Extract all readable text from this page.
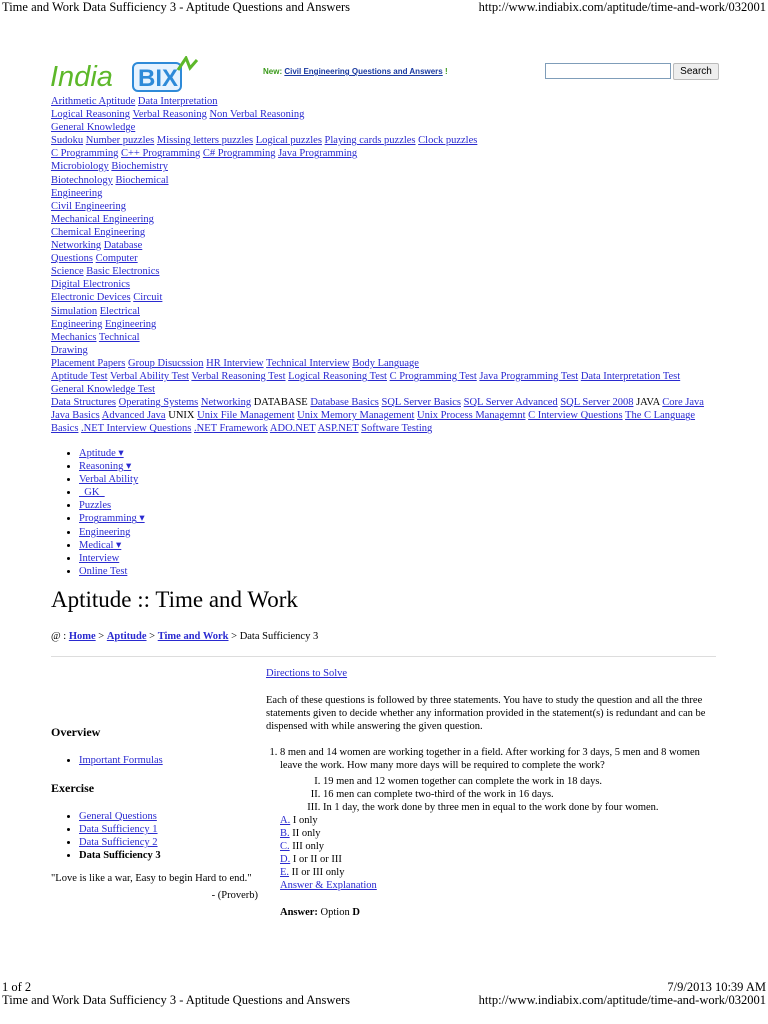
Time and Work Data Sufficiency 3 - Aptitude Questions and Answers	http://www.indiabix.com/aptitude/time-and-work/032001
India BIX	New: Civil Engineering Questions and Answers !	Search
Arithmetic Aptitude Data Interpretation
Logical Reasoning Verbal Reasoning Non Verbal Reasoning
General Knowledge
Sudoku Number puzzles Missing letters puzzles Logical puzzles Playing cards puzzles Clock puzzles
C Programming C++ Programming C# Programming Java Programming
Microbiology Biochemistry
Biotechnology Biochemical
Engineering
Civil Engineering
Mechanical Engineering
Chemical Engineering
Networking Database
Questions Computer
Science Basic Electronics
Digital Electronics
Electronic Devices Circuit
Simulation Electrical
Engineering Engineering
Mechanics Technical
Drawing
Placement Papers Group Disucssion HR Interview Technical Interview Body Language
Aptitude Test Verbal Ability Test Verbal Reasoning Test Logical Reasoning Test C Programming Test Java Programming Test Data Interpretation Test General Knowledge Test
Data Structures Operating Systems Networking DATABASE Database Basics SQL Server Basics SQL Server Advanced SQL Server 2008 JAVA Core Java Java Basics Advanced Java UNIX Unix File Management Unix Memory Management Unix Process Managemnt C Interview Questions The C Language Basics .NET Interview Questions .NET Framework ADO.NET ASP.NET Software Testing
• Aptitude ▾
• Reasoning ▾
• Verbal Ability
•   GK
• Puzzles
• Programming ▾
• Engineering
• Medical ▾
• Interview
• Online Test
Aptitude :: Time and Work
@ : Home > Aptitude > Time and Work > Data Sufficiency 3
Overview
• Important Formulas
Exercise
• General Questions
• Data Sufficiency 1
• Data Sufficiency 2
• Data Sufficiency 3
"Love is like a war, Easy to begin Hard to end."
- (Proverb)
Directions to Solve
Each of these questions is followed by three statements. You have to study the question and all the three statements given to decide whether any information provided in the statement(s) is redundant and can be dispensed with while answering the given question.
1. 8 men and 14 women are working together in a field. After working for 3 days, 5 men and 8 women leave the work. How many more days will be required to complete the work?
I. 19 men and 12 women together can complete the work in 18 days.
II. 16 men can complete two-third of the work in 16 days.
III. In 1 day, the work done by three men in equal to the work done by four women.
A. I only
B. II only
C. III only
D. I or II or III
E. II or III only
Answer & Explanation
Answer: Option D
1 of 2	7/9/2013 10:39 AM
Time and Work Data Sufficiency 3 - Aptitude Questions and Answers	http://www.indiabix.com/aptitude/time-and-work/032001
